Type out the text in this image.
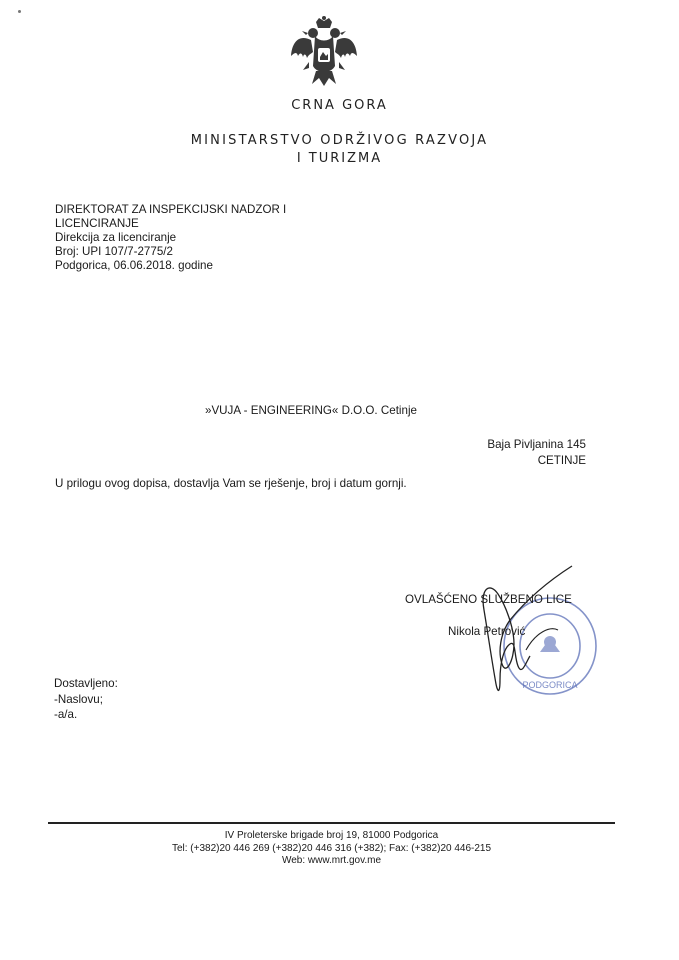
CRNA GORA
MINISTARSTVO ODRŽIVOG RAZVOJA
I TURIZMA
DIREKTORAT ZA INSPEKCIJSKI NADZOR I
LICENCIRANJE
Direkcija za licenciranje
Broj: UPI 107/7-2775/2
Podgorica, 06.06.2018. godine
»VUJA - ENGINEERING« D.O.O. Cetinje
Baja Pivljanina 145
CETINJE
U prilogu ovog dopisa, dostavlja Vam se rješenje, broj i datum gornji.
PODGORICA
OVLAŠĆENO SLUŽBENO LICE
Nikola Petrović
Dostavljeno:
-Naslovu;
-a/a.
IV Proleterske brigade broj 19, 81000 Podgorica
Tel: (+382)20 446 269 (+382)20 446 316 (+382); Fax: (+382)20 446-215
Web: www.mrt.gov.me
